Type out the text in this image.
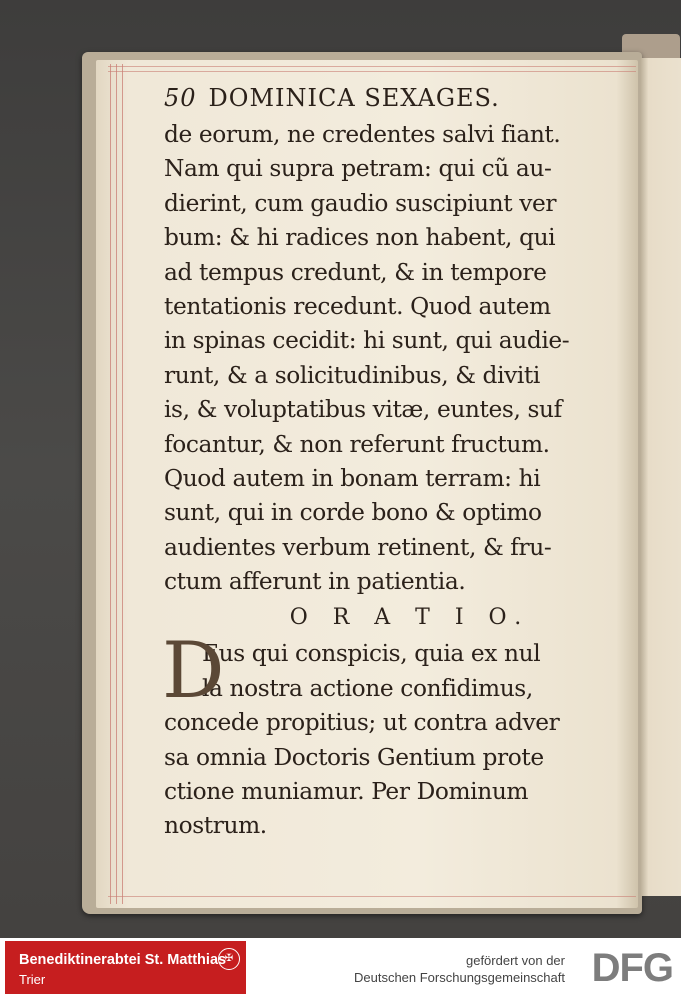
50 DOMINICA SEXAGES.
de eorum, ne credentes salvi fiant.
Nam qui supra petram: qui cũ au-
dierint, cum gaudio suscipiunt ver
bum: & hi radices non habent, qui
ad tempus credunt, & in tempore
tentationis recedunt. Quod autem
in spinas cecidit: hi sunt, qui audie-
runt, & a solicitudinibus, & diviti
is, & voluptatibus vitæ, euntes, suf
focantur, & non referunt fructum.
Quod autem in bonam terram: hi
sunt, qui in corde bono & optimo
audientes verbum retinent, & fru-
ctum afferunt in patientia.
O R A T I O.
D
Eus qui conspicis, quia ex nul
la nostra actione confidimus,
concede propitius; ut contra adver
sa omnia Doctoris Gentium prote
ctione muniamur. Per Dominum
nostrum.
Benediktinerabtei St. Matthias
Trier
✠	gefördert von der
Deutschen Forschungsgemeinschaft DFG
